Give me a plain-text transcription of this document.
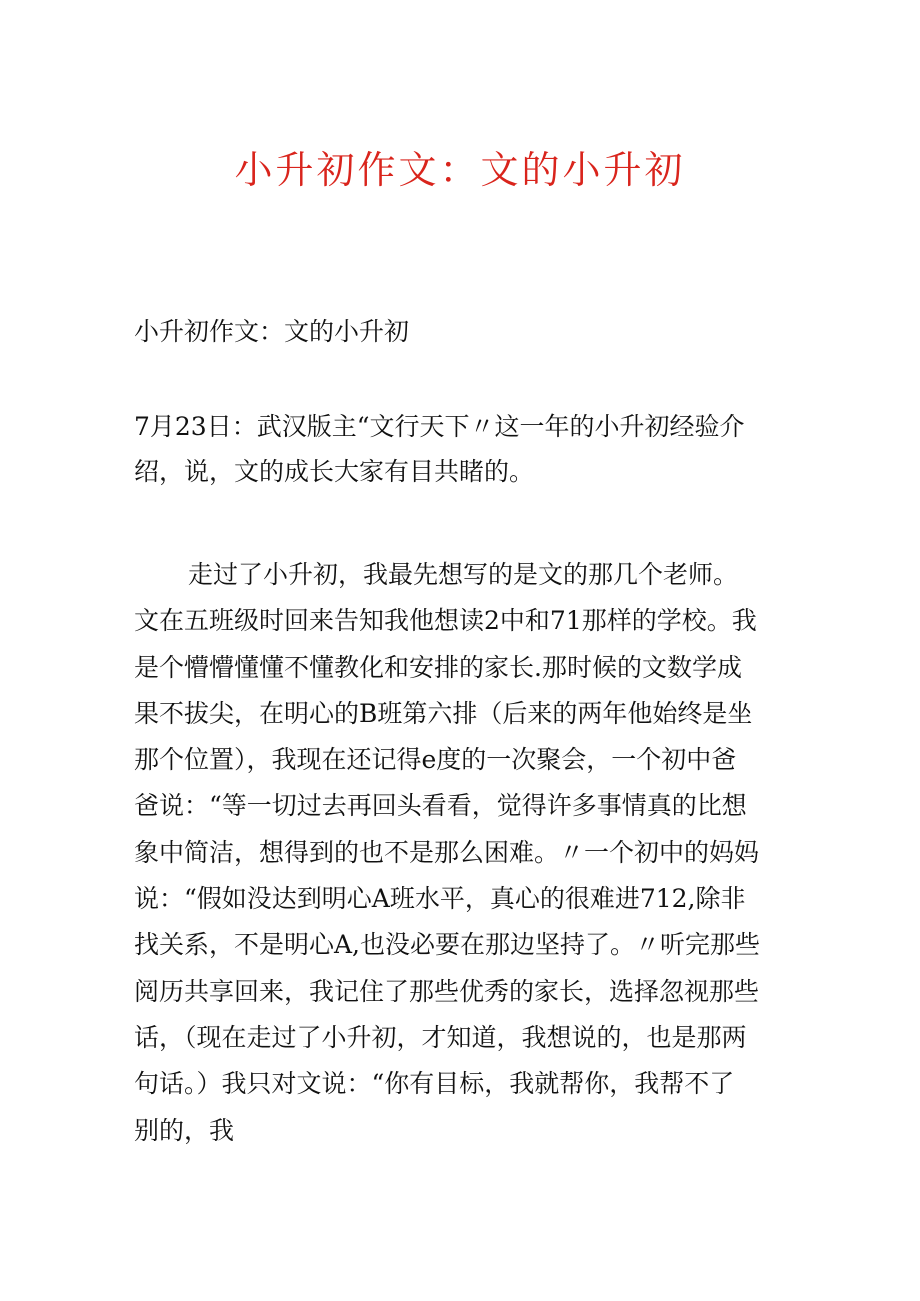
小升初作文：文的小升初

小升初作文：文的小升初

7月23日：武汉版主“文行天下〃这一年的小升初经验介
绍，说，文的成长大家有目共睹的。

走过了小升初，我最先想写的是文的那几个老师。
文在五班级时回来告知我他想读2中和71那样的学校。我
是个懵懵懂懂不懂教化和安排的家长.那时候的文数学成
果不拔尖，在明心的B班第六排（后来的两年他始终是坐
那个位置），我现在还记得e度的一次聚会，一个初中爸
爸说：“等一切过去再回头看看，觉得许多事情真的比想
象中简洁，想得到的也不是那么困难。〃一个初中的妈妈
说：“假如没达到明心A班水平，真心的很难进712,除非
找关系，不是明心A,也没必要在那边坚持了。〃听完那些
阅历共享回来，我记住了那些优秀的家长，选择忽视那些
话，（现在走过了小升初，才知道，我想说的，也是那两
句话。）我只对文说：“你有目标，我就帮你，我帮不了
别的，我
